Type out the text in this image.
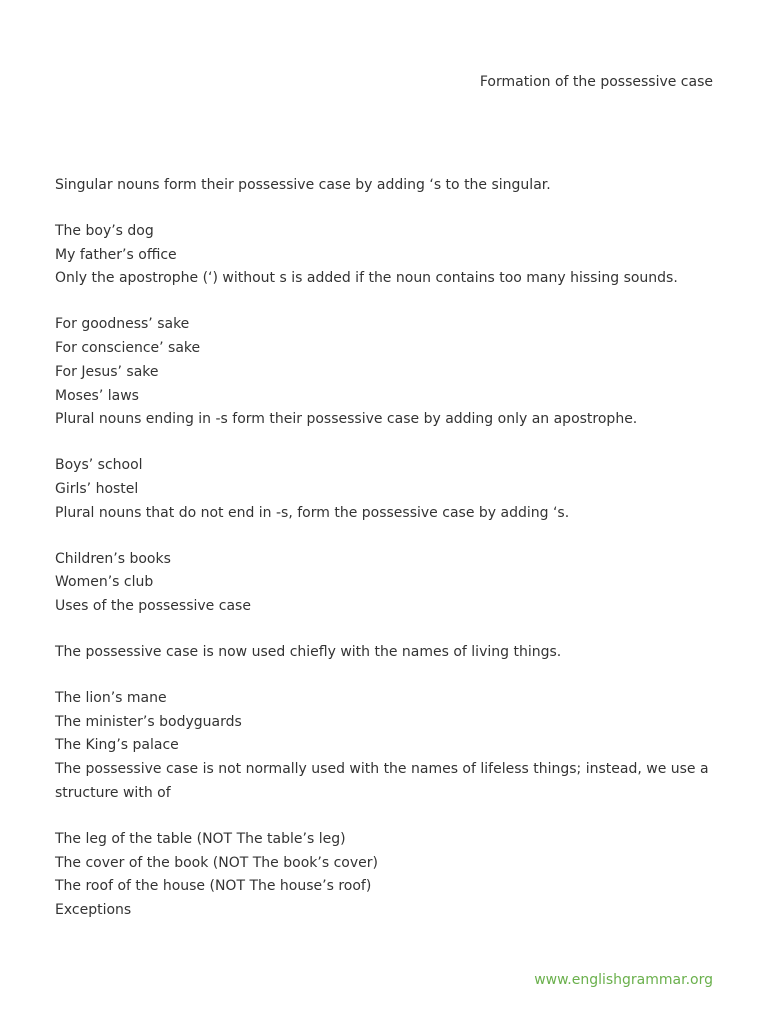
Formation of the possessive case
Singular nouns form their possessive case by adding ‘s to the singular.
The boy’s dog
My father’s office
Only the apostrophe (‘) without s is added if the noun contains too many hissing sounds.
For goodness’ sake
For conscience’ sake
For Jesus’ sake
Moses’ laws
Plural nouns ending in -s form their possessive case by adding only an apostrophe.
Boys’ school
Girls’ hostel
Plural nouns that do not end in -s, form the possessive case by adding ‘s.
Children’s books
Women’s club
Uses of the possessive case
The possessive case is now used chiefly with the names of living things.
The lion’s mane
The minister’s bodyguards
The King’s palace
The possessive case is not normally used with the names of lifeless things; instead, we use a structure with of
The leg of the table (NOT The table’s leg)
The cover of the book (NOT The book’s cover)
The roof of the house (NOT The house’s roof)
Exceptions
www.englishgrammar.org
